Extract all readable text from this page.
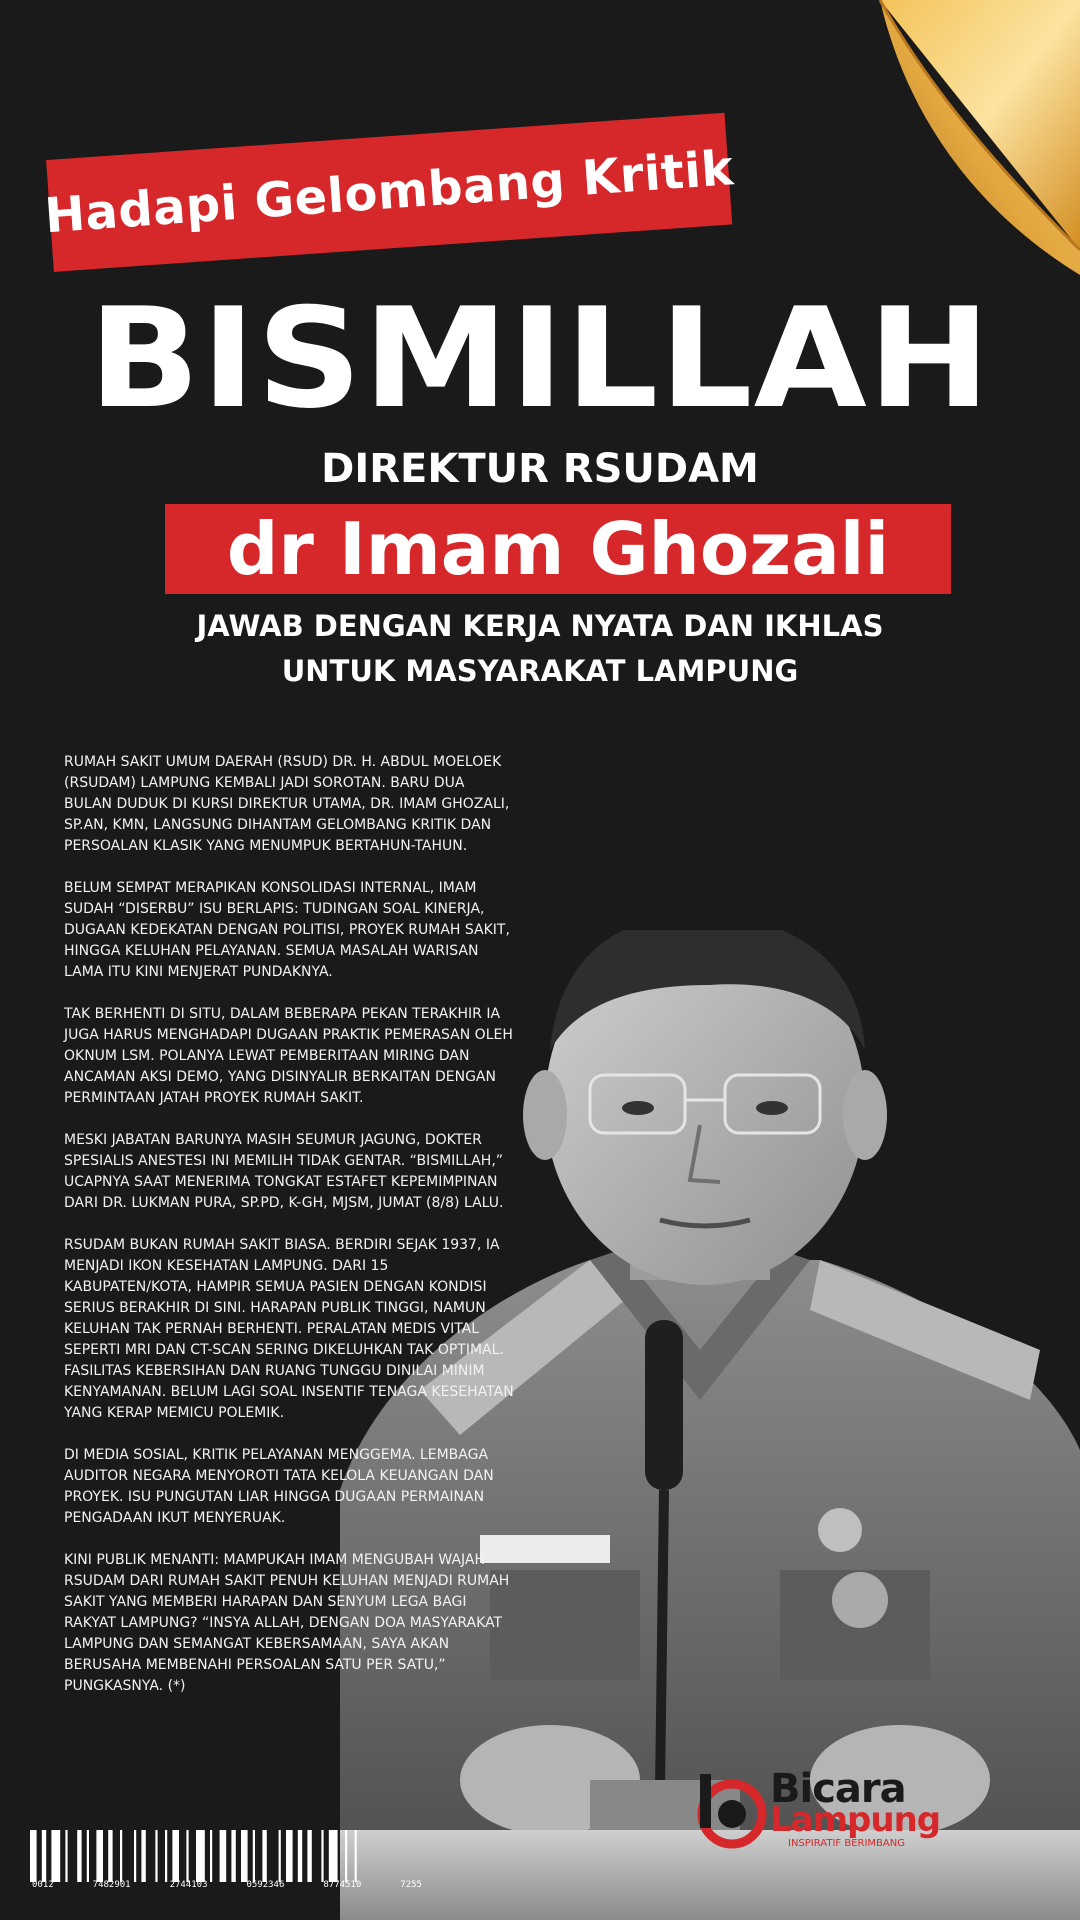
Hadapi Gelombang Kritik
BISMILLAH
DIREKTUR RSUDAM
dr Imam Ghozali
JAWAB DENGAN KERJA NYATA DAN IKHLAS
UNTUK MASYARAKAT LAMPUNG

RUMAH SAKIT UMUM DAERAH (RSUD) DR. H. ABDUL MOELOEK (RSUDAM) LAMPUNG KEMBALI JADI SOROTAN. BARU DUA BULAN DUDUK DI KURSI DIREKTUR UTAMA, DR. IMAM GHOZALI, SP.AN, KMN, LANGSUNG DIHANTAM GELOMBANG KRITIK DAN PERSOALAN KLASIK YANG MENUMPUK BERTAHUN-TAHUN.

BELUM SEMPAT MERAPIKAN KONSOLIDASI INTERNAL, IMAM SUDAH “DISERBU” ISU BERLAPIS: TUDINGAN SOAL KINERJA, DUGAAN KEDEKATAN DENGAN POLITISI, PROYEK RUMAH SAKIT, HINGGA KELUHAN PELAYANAN. SEMUA MASALAH WARISAN LAMA ITU KINI MENJERAT PUNDAKNYA.

TAK BERHENTI DI SITU, DALAM BEBERAPA PEKAN TERAKHIR IA JUGA HARUS MENGHADAPI DUGAAN PRAKTIK PEMERASAN OLEH OKNUM LSM. POLANYA LEWAT PEMBERITAAN MIRING DAN ANCAMAN AKSI DEMO, YANG DISINYALIR BERKAITAN DENGAN PERMINTAAN JATAH PROYEK RUMAH SAKIT.

MESKI JABATAN BARUNYA MASIH SEUMUR JAGUNG, DOKTER SPESIALIS ANESTESI INI MEMILIH TIDAK GENTAR. “BISMILLAH,” UCAPNYA SAAT MENERIMA TONGKAT ESTAFET KEPEMIMPINAN DARI DR. LUKMAN PURA, SP.PD, K-GH, MJSM, JUMAT (8/8) LALU.

RSUDAM BUKAN RUMAH SAKIT BIASA. BERDIRI SEJAK 1937, IA MENJADI IKON KESEHATAN LAMPUNG. DARI 15 KABUPATEN/KOTA, HAMPIR SEMUA PASIEN DENGAN KONDISI SERIUS BERAKHIR DI SINI. HARAPAN PUBLIK TINGGI, NAMUN KELUHAN TAK PERNAH BERHENTI. PERALATAN MEDIS VITAL SEPERTI MRI DAN CT-SCAN SERING DIKELUHKAN TAK OPTIMAL. FASILITAS KEBERSIHAN DAN RUANG TUNGGU DINILAI MINIM KENYAMANAN. BELUM LAGI SOAL INSENTIF TENAGA KESEHATAN YANG KERAP MEMICU POLEMIK.

DI MEDIA SOSIAL, KRITIK PELAYANAN MENGGEMA. LEMBAGA AUDITOR NEGARA MENYOROTI TATA KELOLA KEUANGAN DAN PROYEK. ISU PUNGUTAN LIAR HINGGA DUGAAN PERMAINAN PENGADAAN IKUT MENYERUAK.

KINI PUBLIK MENANTI: MAMPUKAH IMAM MENGUBAH WAJAH RSUDAM DARI RUMAH SAKIT PENUH KELUHAN MENJADI RUMAH SAKIT YANG MEMBERI HARAPAN DAN SENYUM LEGA BAGI RAKYAT LAMPUNG? “INSYA ALLAH, DENGAN DOA MASYARAKAT LAMPUNG DAN SEMANGAT KEBERSAMAAN, SAYA AKAN BERUSAHA MEMBENAHI PERSOALAN SATU PER SATU,” PUNGKASNYA. (*)

0012	7482901	2744103	0592346	8774510	7255
Bicara
Lampung
INSPIRATIF BERIMBANG
